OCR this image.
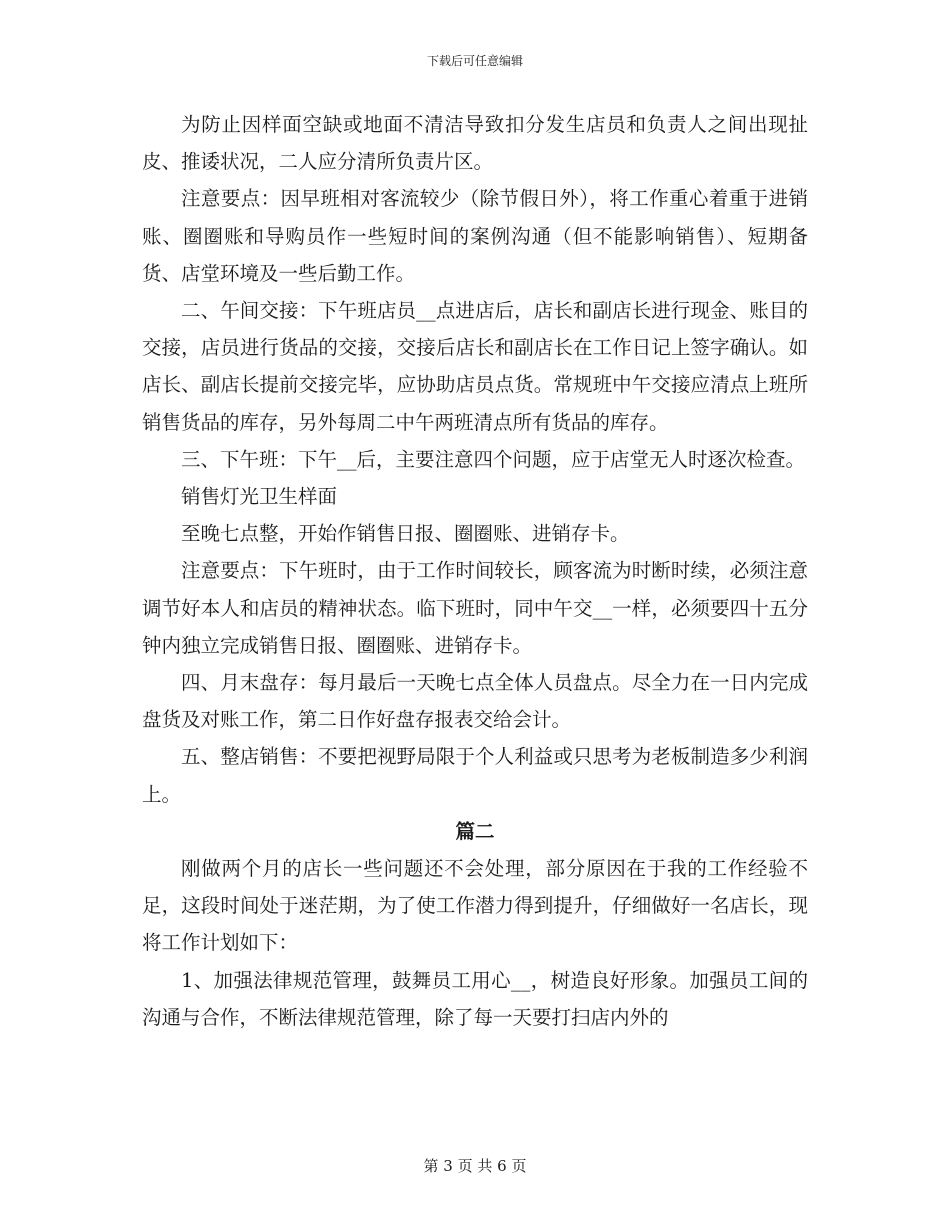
下载后可任意编辑

为防止因样面空缺或地面不清洁导致扣分发生店员和负责人之间出现扯皮、推诿状况，二人应分清所负责片区。

注意要点：因早班相对客流较少（除节假日外），将工作重心着重于进销账、圈圈账和导购员作一些短时间的案例沟通（但不能影响销售）、短期备货、店堂环境及一些后勤工作。

二、午间交接：下午班店员__点进店后，店长和副店长进行现金、账目的交接，店员进行货品的交接，交接后店长和副店长在工作日记上签字确认。如店长、副店长提前交接完毕，应协助店员点货。常规班中午交接应清点上班所销售货品的库存，另外每周二中午两班清点所有货品的库存。

三、下午班：下午__后，主要注意四个问题，应于店堂无人时逐次检查。

销售灯光卫生样面

至晚七点整，开始作销售日报、圈圈账、进销存卡。

注意要点：下午班时，由于工作时间较长，顾客流为时断时续，必须注意调节好本人和店员的精神状态。临下班时，同中午交__一样，必须要四十五分钟内独立完成销售日报、圈圈账、进销存卡。

四、月末盘存：每月最后一天晚七点全体人员盘点。尽全力在一日内完成盘货及对账工作，第二日作好盘存报表交给会计。

五、整店销售：不要把视野局限于个人利益或只思考为老板制造多少利润上。

篇二

刚做两个月的店长一些问题还不会处理，部分原因在于我的工作经验不足，这段时间处于迷茫期，为了使工作潜力得到提升，仔细做好一名店长，现将工作计划如下：

1、加强法律规范管理，鼓舞员工用心__，树造良好形象。加强员工间的沟通与合作，不断法律规范管理，除了每一天要打扫店内外的

第 3 页 共 6 页
